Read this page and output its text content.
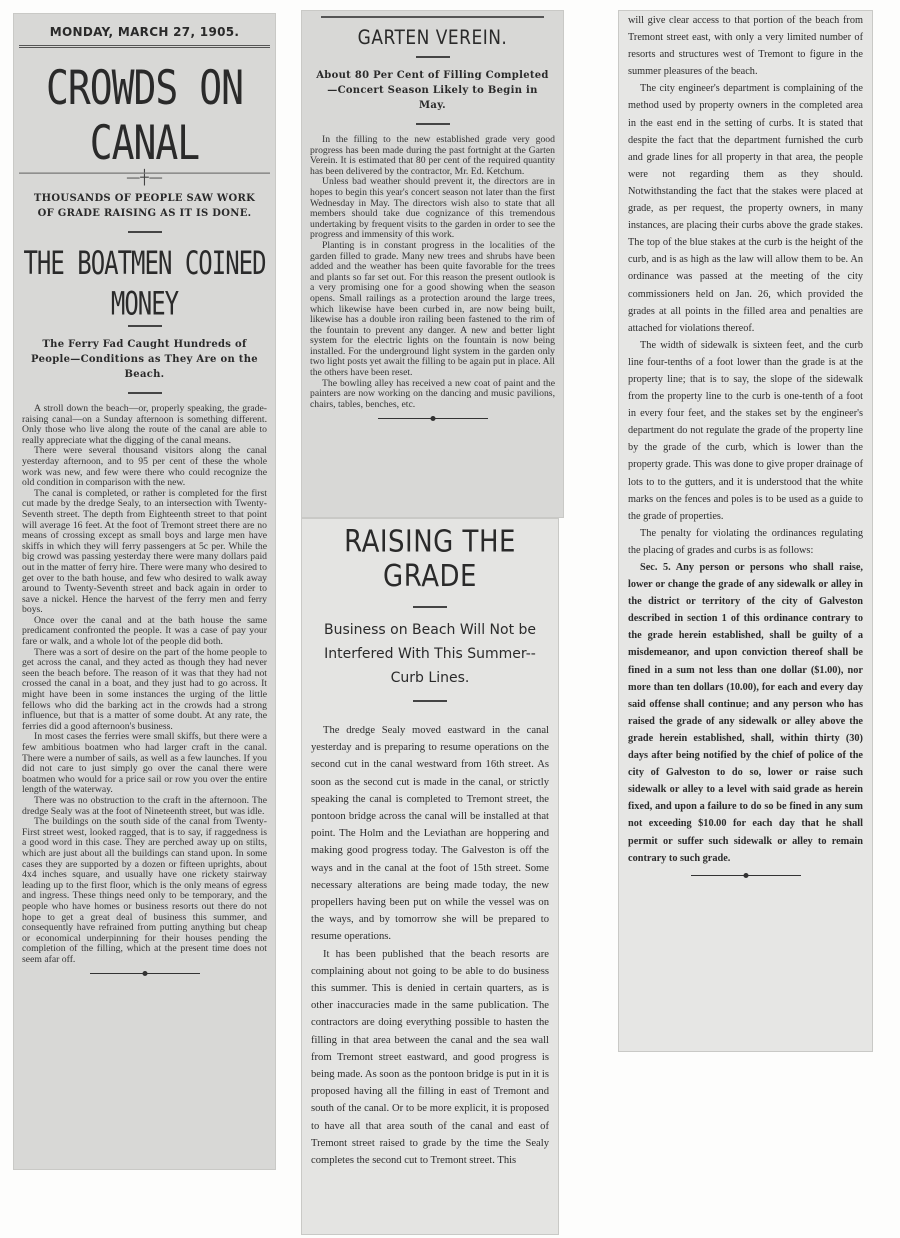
MONDAY, MARCH 27, 1905.
CROWDS ON CANAL
—┼—
THOUSANDS OF PEOPLE SAW WORK OF GRADE RAISING AS IT IS DONE.
THE BOATMEN COINED MONEY
The Ferry Fad Caught Hundreds of People—Conditions as They Are on the Beach.

A stroll down the beach—or, properly speaking, the grade-raising canal—on a Sunday afternoon is something different. Only those who live along the route of the canal are able to really appreciate what the digging of the canal means.

There were several thousand visitors along the canal yesterday afternoon, and to 95 per cent of these the whole work was new, and few were there who could recognize the old condition in comparison with the new.

The canal is completed, or rather is completed for the first cut made by the dredge Sealy, to an intersection with Twenty-Seventh street. The depth from Eighteenth street to that point will average 16 feet. At the foot of Tremont street there are no means of crossing except as small boys and large men have skiffs in which they will ferry passengers at 5c per. While the big crowd was passing yesterday there were many dollars paid out in the matter of ferry hire. There were many who desired to get over to the bath house, and few who desired to walk away around to Twenty-Seventh street and back again in order to save a nickel. Hence the harvest of the ferry men and ferry boys.

Once over the canal and at the bath house the same predicament confronted the people. It was a case of pay your fare or walk, and a whole lot of the people did both.

There was a sort of desire on the part of the home people to get across the canal, and they acted as though they had never seen the beach before. The reason of it was that they had not crossed the canal in a boat, and they just had to go across. It might have been in some instances the urging of the little fellows who did the barking act in the crowds had a strong influence, but that is a matter of some doubt. At any rate, the ferries did a good afternoon's business.

In most cases the ferries were small skiffs, but there were a few ambitious boatmen who had larger craft in the canal. There were a number of sails, as well as a few launches. If you did not care to just simply go over the canal there were boatmen who would for a price sail or row you over the entire length of the waterway.

There was no obstruction to the craft in the afternoon. The dredge Sealy was at the foot of Nineteenth street, but was idle.

The buildings on the south side of the canal from Twenty-First street west, looked ragged, that is to say, if raggedness is a good word in this case. They are perched away up on stilts, which are just about all the buildings can stand upon. In some cases they are supported by a dozen or fifteen uprights, about 4x4 inches square, and usually have one rickety stairway leading up to the first floor, which is the only means of egress and ingress. These things need only to be temporary, and the people who have homes or business resorts out there do not hope to get a great deal of business this summer, and consequently have refrained from putting anything but cheap or economical underpinning for their houses pending the completion of the filling, which at the present time does not seem afar off.

GARTEN VEREIN.
About 80 Per Cent of Filling Completed—Concert Season Likely to Begin in May.

In the filling to the new established grade very good progress has been made during the past fortnight at the Garten Verein. It is estimated that 80 per cent of the required quantity has been delivered by the contractor, Mr. Ed. Ketchum.

Unless bad weather should prevent it, the directors are in hopes to begin this year's concert season not later than the first Wednesday in May. The directors wish also to state that all members should take due cognizance of this tremendous undertaking by frequent visits to the garden in order to see the progress and immensity of this work.

Planting is in constant progress in the localities of the garden filled to grade. Many new trees and shrubs have been added and the weather has been quite favorable for the trees and plants so far set out. For this reason the present outlook is a very promising one for a good showing when the season opens. Small railings as a protection around the large trees, which likewise have been curbed in, are now being built, likewise has a double iron railing been fastened to the rim of the fountain to prevent any danger. A new and better light system for the electric lights on the fountain is now being installed. For the underground light system in the garden only two light posts yet await the filling to be again put in place. All the others have been reset.

The bowling alley has received a new coat of paint and the painters are now working on the dancing and music pavilions, chairs, tables, benches, etc.

RAISING THE GRADE
Business on Beach Will Not be Interfered With This Summer--Curb Lines.

The dredge Sealy moved eastward in the canal yesterday and is preparing to resume operations on the second cut in the canal westward from 16th street. As soon as the second cut is made in the canal, or strictly speaking the canal is completed to Tremont street, the pontoon bridge across the canal will be installed at that point. The Holm and the Leviathan are hoppering and making good progress today. The Galveston is off the ways and in the canal at the foot of 15th street. Some necessary alterations are being made today, the new propellers having been put on while the vessel was on the ways, and by tomorrow she will be prepared to resume operations.

It has been published that the beach resorts are complaining about not going to be able to do business this summer. This is denied in certain quarters, as is other inaccuracies made in the same publication. The contractors are doing everything possible to hasten the filling in that area between the canal and the sea wall from Tremont street eastward, and good progress is being made. As soon as the pontoon bridge is put in it is proposed having all the filling in east of Tremont and south of the canal. Or to be more explicit, it is proposed to have all that area south of the canal and east of Tremont street raised to grade by the time the Sealy completes the second cut to Tremont street. This

will give clear access to that portion of the beach from Tremont street east, with only a very limited number of resorts and structures west of Tremont to figure in the summer pleasures of the beach.

The city engineer's department is complaining of the method used by property owners in the completed area in the east end in the setting of curbs. It is stated that despite the fact that the department furnished the curb and grade lines for all property in that area, the people were not regarding them as they should. Notwithstanding the fact that the stakes were placed at grade, as per request, the property owners, in many instances, are placing their curbs above the grade stakes. The top of the blue stakes at the curb is the height of the curb, and is as high as the law will allow them to be. An ordinance was passed at the meeting of the city commissioners held on Jan. 26, which provided the grades at all points in the filled area and penalties are attached for violations thereof.

The width of sidewalk is sixteen feet, and the curb line four-tenths of a foot lower than the grade is at the property line; that is to say, the slope of the sidewalk from the property line to the curb is one-tenth of a foot in every four feet, and the stakes set by the engineer's department do not regulate the grade of the property line by the grade of the curb, which is lower than the property grade. This was done to give proper drainage of lots to to the gutters, and it is understood that the white marks on the fences and poles is to be used as a guide to the grade of properties.

The penalty for violating the ordinances regulating the placing of grades and curbs is as follows:

Sec. 5. Any person or persons who shall raise, lower or change the grade of any sidewalk or alley in the district or territory of the city of Galveston described in section 1 of this ordinance contrary to the grade herein established, shall be guilty of a misdemeanor, and upon conviction thereof shall be fined in a sum not less than one dollar ($1.00), nor more than ten dollars (10.00), for each and every day said offense shall continue; and any person who has raised the grade of any sidewalk or alley above the grade herein established, shall, within thirty (30) days after being notified by the chief of police of the city of Galveston to do so, lower or raise such sidewalk or alley to a level with said grade as herein fixed, and upon a failure to do so be fined in any sum not exceeding $10.00 for each day that he shall permit or suffer such sidewalk or alley to remain contrary to such grade.
